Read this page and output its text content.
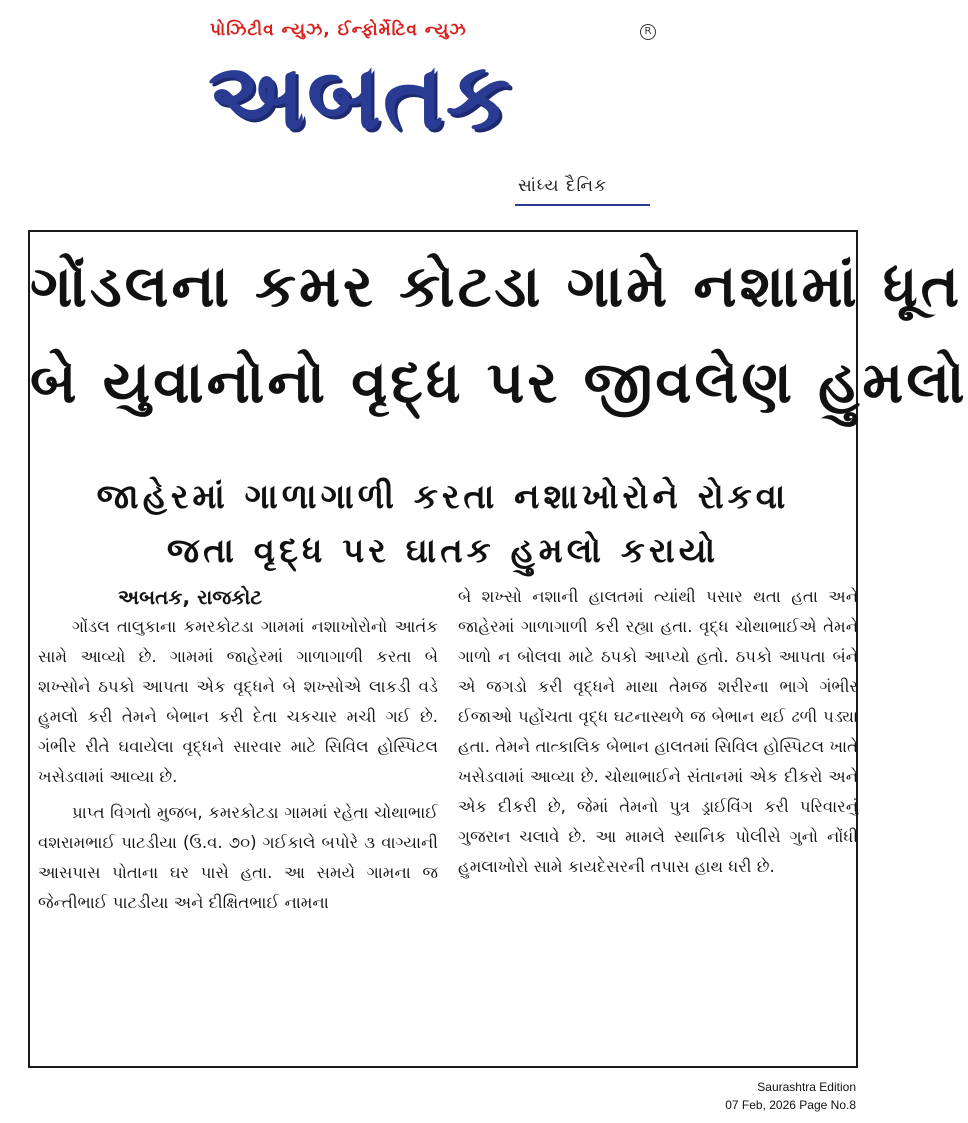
પોઝિટીવ ન્યુઝ, ઈન્ફોર્મેટિવ ન્યુઝ	R
અબતક
સાંધ્ય દૈનિક
ગોંડલના કમર કોટડા ગામે નશામાં ધૂત
બે યુવાનોનો વૃદ્ધ પર જીવલેણ હુમલો
જાહેરમાં ગાળાગાળી કરતા નશાખોરોને રોકવા
જતા વૃદ્ધ પર ઘાતક હુમલો કરાયો
અબતક, રાજકોટ

ગોંડલ તાલુકાના કમરકોટડા ગામમાં નશાખોરોનો આતંક સામે આવ્યો છે. ગામમાં જાહેરમાં ગાળાગાળી કરતા બે શખ્સોને ઠપકો આપતા એક વૃદ્ધને બે શખ્સોએ લાકડી વડે હુમલો કરી તેમને બેભાન કરી દેતા ચકચાર મચી ગઈ છે. ગંભીર રીતે ઘવાયેલા વૃદ્ધને સારવાર માટે સિવિલ હોસ્પિટલ ખસેડવામાં આવ્યા છે.

પ્રાપ્ત વિગતો મુજબ, કમરકોટડા ગામમાં રહેતા ચોથાભાઈ વશરામભાઈ પાટડીયા (ઉ.વ. ૭૦) ગઈકાલે બપોરે ૩ વાગ્યાની આસપાસ પોતાના ઘર પાસે હતા. આ સમયે ગામના જ જેન્તીભાઈ પાટડીયા અને દીક્ષિતભાઈ નામના

બે શખ્સો નશાની હાલતમાં ત્યાંથી પસાર થતા હતા અને જાહેરમાં ગાળાગાળી કરી રહ્યા હતા. વૃદ્ધ ચોથાભાઈએ તેમને ગાળો ન બોલવા માટે ઠપકો આપ્યો હતો. ઠપકો આપતા બંને એ જગડો કરી વૃદ્ધને માથા તેમજ શરીરના ભાગે ગંભીર ઈજાઓ પહોંચતા વૃદ્ધ ઘટનાસ્થળે જ બેભાન થઈ ઢળી પડ્યા હતા. તેમને તાત્કાલિક બેભાન હાલતમાં સિવિલ હોસ્પિટલ ખાતે ખસેડવામાં આવ્યા છે. ચોથાભાઈને સંતાનમાં એક દીકરો અને એક દીકરી છે, જેમાં તેમનો પુત્ર ડ્રાઈવિંગ કરી પરિવારનું ગુજરાન ચલાવે છે. આ મામલે સ્થાનિક પોલીસે ગુનો નોંધી હુમલાખોરો સામે કાયદેસરની તપાસ હાથ ધરી છે.

Saurashtra Edition
07 Feb, 2026 Page No.8
